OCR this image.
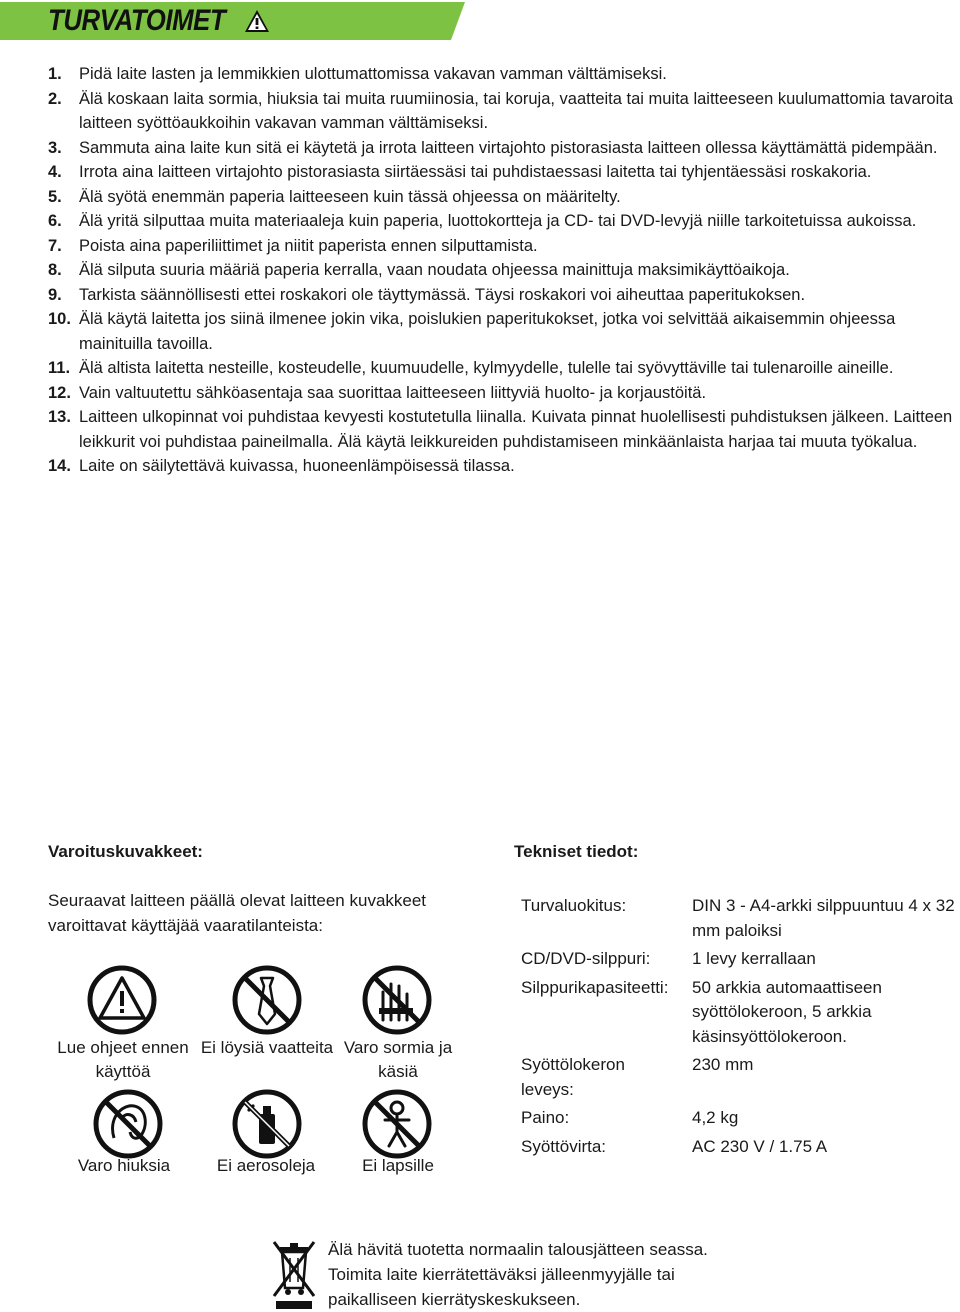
TURVATOIMET
1. Pidä laite lasten ja lemmikkien ulottumattomissa vakavan vamman välttämiseksi.
2. Älä koskaan laita sormia, hiuksia tai muita ruumiinosia, tai koruja, vaatteita tai muita laitteeseen kuulumattomia tavaroita laitteen syöttöaukkoihin vakavan vamman välttämiseksi.
3. Sammuta aina laite kun sitä ei käytetä ja irrota laitteen virtajohto pistorasiasta laitteen ollessa käyttämättä pidempään.
4. Irrota aina laitteen virtajohto pistorasiasta siirtäessäsi tai puhdistaessasi laitetta tai tyhjentäessäsi roskakoria.
5. Älä syötä enemmän paperia laitteeseen kuin tässä ohjeessa on määritelty.
6. Älä yritä silputtaa muita materiaaleja kuin paperia, luottokortteja ja CD- tai DVD-levyjä niille tarkoitetuissa aukoissa.
7. Poista aina paperiliittimet ja niitit paperista ennen silputtamista.
8. Älä silputa suuria määriä paperia kerralla, vaan noudata ohjeessa mainittuja maksimikäyttöaikoja.
9. Tarkista säännöllisesti ettei roskakori ole täyttymässä. Täysi roskakori voi aiheuttaa paperitukoksen.
10. Älä käytä laitetta jos siinä ilmenee jokin vika, poislukien paperitukokset, jotka voi selvittää aikaisemmin ohjeessa mainituilla tavoilla.
11. Älä altista laitetta nesteille, kosteudelle, kuumuudelle, kylmyydelle, tulelle tai syövyttäville tai tulenaroille aineille.
12. Vain valtuutettu sähköasentaja saa suorittaa laitteeseen liittyviä huolto- ja korjaustöitä.
13. Laitteen ulkopinnat voi puhdistaa kevyesti kostutetulla liinalla. Kuivata pinnat huolellisesti puhdistuksen jälkeen. Laitteen leikkurit voi puhdistaa paineilmalla. Älä käytä leikkureiden puhdistamiseen minkäänlaista harjaa tai muuta työkalua.
14. Laite on säilytettävä kuivassa, huoneenlämpöisessä tilassa.
Varoituskuvakkeet:
Seuraavat laitteen päällä olevat laitteen kuvakkeet varoittavat käyttäjää vaaratilanteista:
Lue ohjeet ennen käyttöä
Ei löysiä vaatteita Varo sormia ja käsiä
Varo hiuksia	Ei aerosoleja	Ei lapsille
Tekniset tiedot:
Turvaluokitus:	DIN 3 - A4-arkki silppuuntuu 4 x 32 mm paloiksi
CD/DVD-silppuri:	1 levy kerrallaan
Silppurikapasiteetti: 50 arkkia automaattiseen syöttölokeroon, 5 arkkia käsinsyöttölokeroon.
Syöttölokeron leveys:
230 mm
Paino:	4,2 kg
Syöttövirta:	AC 230 V / 1.75 A
Älä hävitä tuotetta normaalin talousjätteen seassa. Toimita laite kierrätettäväksi jälleenmyyjälle tai paikalliseen kierrätyskeskukseen.
